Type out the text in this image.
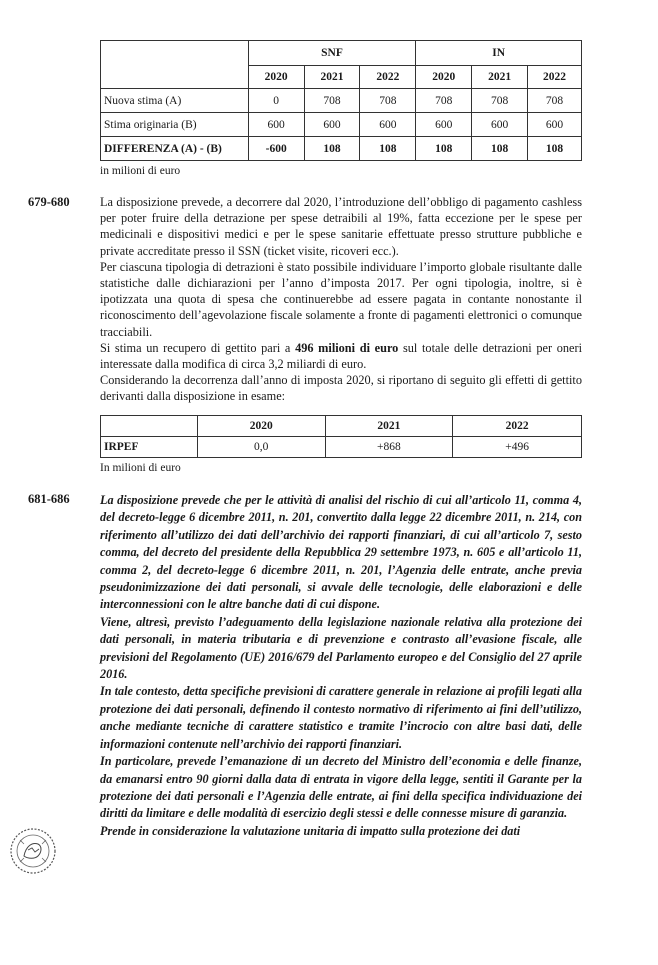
	SNF			IN		
	2020	2021	2022	2020	2021	2022
Nuova stima (A)	0	708	708	708	708	708
Stima originaria (B)	600	600	600	600	600	600
DIFFERENZA (A) - (B)	-600	108	108	108	108	108
in milioni di euro
679-680 La disposizione prevede, a decorrere dal 2020, l’introduzione dell’obbligo di pagamento cashless per poter fruire della detrazione per spese detraibili al 19%, fatta eccezione per le spese per medicinali e dispositivi medici e per le spese sanitarie effettuate presso strutture pubbliche e private accreditate presso il SSN (ticket visite, ricoveri ecc.).
Per ciascuna tipologia di detrazioni è stato possibile individuare l’importo globale risultante dalle statistiche dalle dichiarazioni per l’anno d’imposta 2017. Per ogni tipologia, inoltre, si è ipotizzata una quota di spesa che continuerebbe ad essere pagata in contante nonostante il riconoscimento dell’agevolazione fiscale solamente a fronte di pagamenti elettronici o comunque tracciabili.
Si stima un recupero di gettito pari a 496 milioni di euro sul totale delle detrazioni per oneri interessate dalla modifica di circa 3,2 miliardi di euro.
Considerando la decorrenza dall’anno di imposta 2020, si riportano di seguito gli effetti di gettito derivanti dalla disposizione in esame:
	2020	2021	2022
IRPEF	0,0	+868	+496
In milioni di euro
681-686 La disposizione prevede che per le attività di analisi del rischio di cui all’articolo 11, comma 4, del decreto-legge 6 dicembre 2011, n. 201, convertito dalla legge 22 dicembre 2011, n. 214, con riferimento all’utilizzo dei dati dell’archivio dei rapporti finanziari, di cui all’articolo 7, sesto comma, del decreto del presidente della Repubblica 29 settembre 1973, n. 605 e all’articolo 11, comma 2, del decreto-legge 6 dicembre 2011, n. 201, l’Agenzia delle entrate, anche previa pseudonimizzazione dei dati personali, si avvale delle tecnologie, delle elaborazioni e delle interconnessioni con le altre banche dati di cui dispone.
Viene, altresì, previsto l’adeguamento della legislazione nazionale relativa alla protezione dei dati personali, in materia tributaria e di prevenzione e contrasto all’evasione fiscale, alle previsioni del Regolamento (UE) 2016/679 del Parlamento europeo e del Consiglio del 27 aprile 2016.
In tale contesto, detta specifiche previsioni di carattere generale in relazione ai profili legati alla protezione dei dati personali, definendo il contesto normativo di riferimento ai fini dell’utilizzo, anche mediante tecniche di carattere statistico e tramite l’incrocio con altre basi dati, delle informazioni contenute nell’archivio dei rapporti finanziari.
In particolare, prevede l’emanazione di un decreto del Ministro dell’economia e delle finanze, da emanarsi entro 90 giorni dalla data di entrata in vigore della legge, sentiti il Garante per la protezione dei dati personali e l’Agenzia delle entrate, ai fini della specifica individuazione dei diritti da limitare e delle modalità di esercizio degli stessi e delle connesse misure di garanzia.
Prende in considerazione la valutazione unitaria di impatto sulla protezione dei dati
